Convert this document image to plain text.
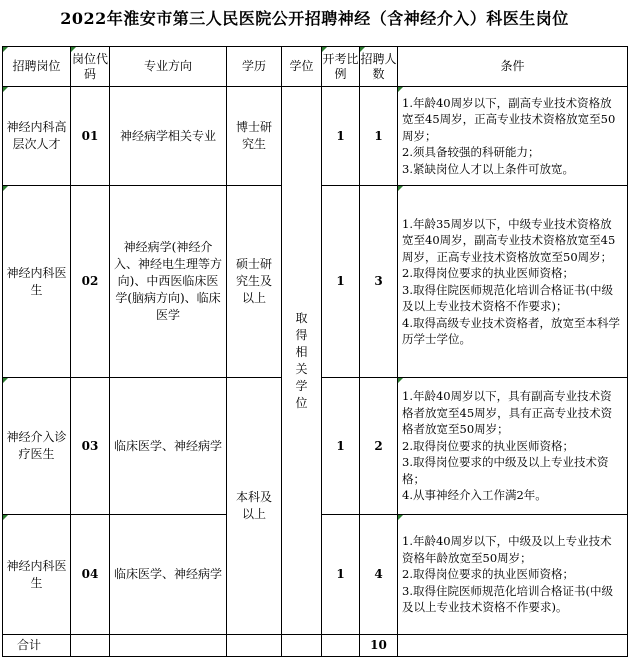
2022年淮安市第三人民医院公开招聘神经（含神经介入）科医生岗位
招聘岗位	岗位代码	专业方向	学历	学位	开考比例	招聘人数	条件
神经内科高层次人才	01	神经病学相关专业	博士研究生	取得相关学位	1	1	1.年龄40周岁以下，副高专业技术资格放宽至45周岁，正高专业技术资格放宽至50周岁；
2.须具备较强的科研能力；
3.紧缺岗位人才以上条件可放宽。

神经内科医生	02	神经病学(神经介入、神经电生理等方向)、中西医临床医学(脑病方向)、临床医学	硕士研究生及以上		1	3	1.年龄35周岁以下，中级专业技术资格放宽至40周岁，副高专业技术资格放宽至45周岁，正高专业技术资格放宽至50周岁；
2.取得岗位要求的执业医师资格；
3.取得住院医师规范化培训合格证书(中级及以上专业技术资格不作要求)；
4.取得高级专业技术资格者，放宽至本科学历学士学位。

神经介入诊疗医生	03	临床医学、神经病学	本科及以上		1	2	1.年龄40周岁以下，具有副高专业技术资格者放宽至45周岁，具有正高专业技术资格者放宽至50周岁；
2.取得岗位要求的执业医师资格；
3.取得岗位要求的中级及以上专业技术资格；
4.从事神经介入工作满2年。

神经内科医生	04	临床医学、神经病学			1	4	1.年龄40周岁以下，中级及以上专业技术资格年龄放宽至50周岁；
2.取得岗位要求的执业医师资格；
3.取得住院医师规范化培训合格证书(中级及以上专业技术资格不作要求)。

合计						10	
